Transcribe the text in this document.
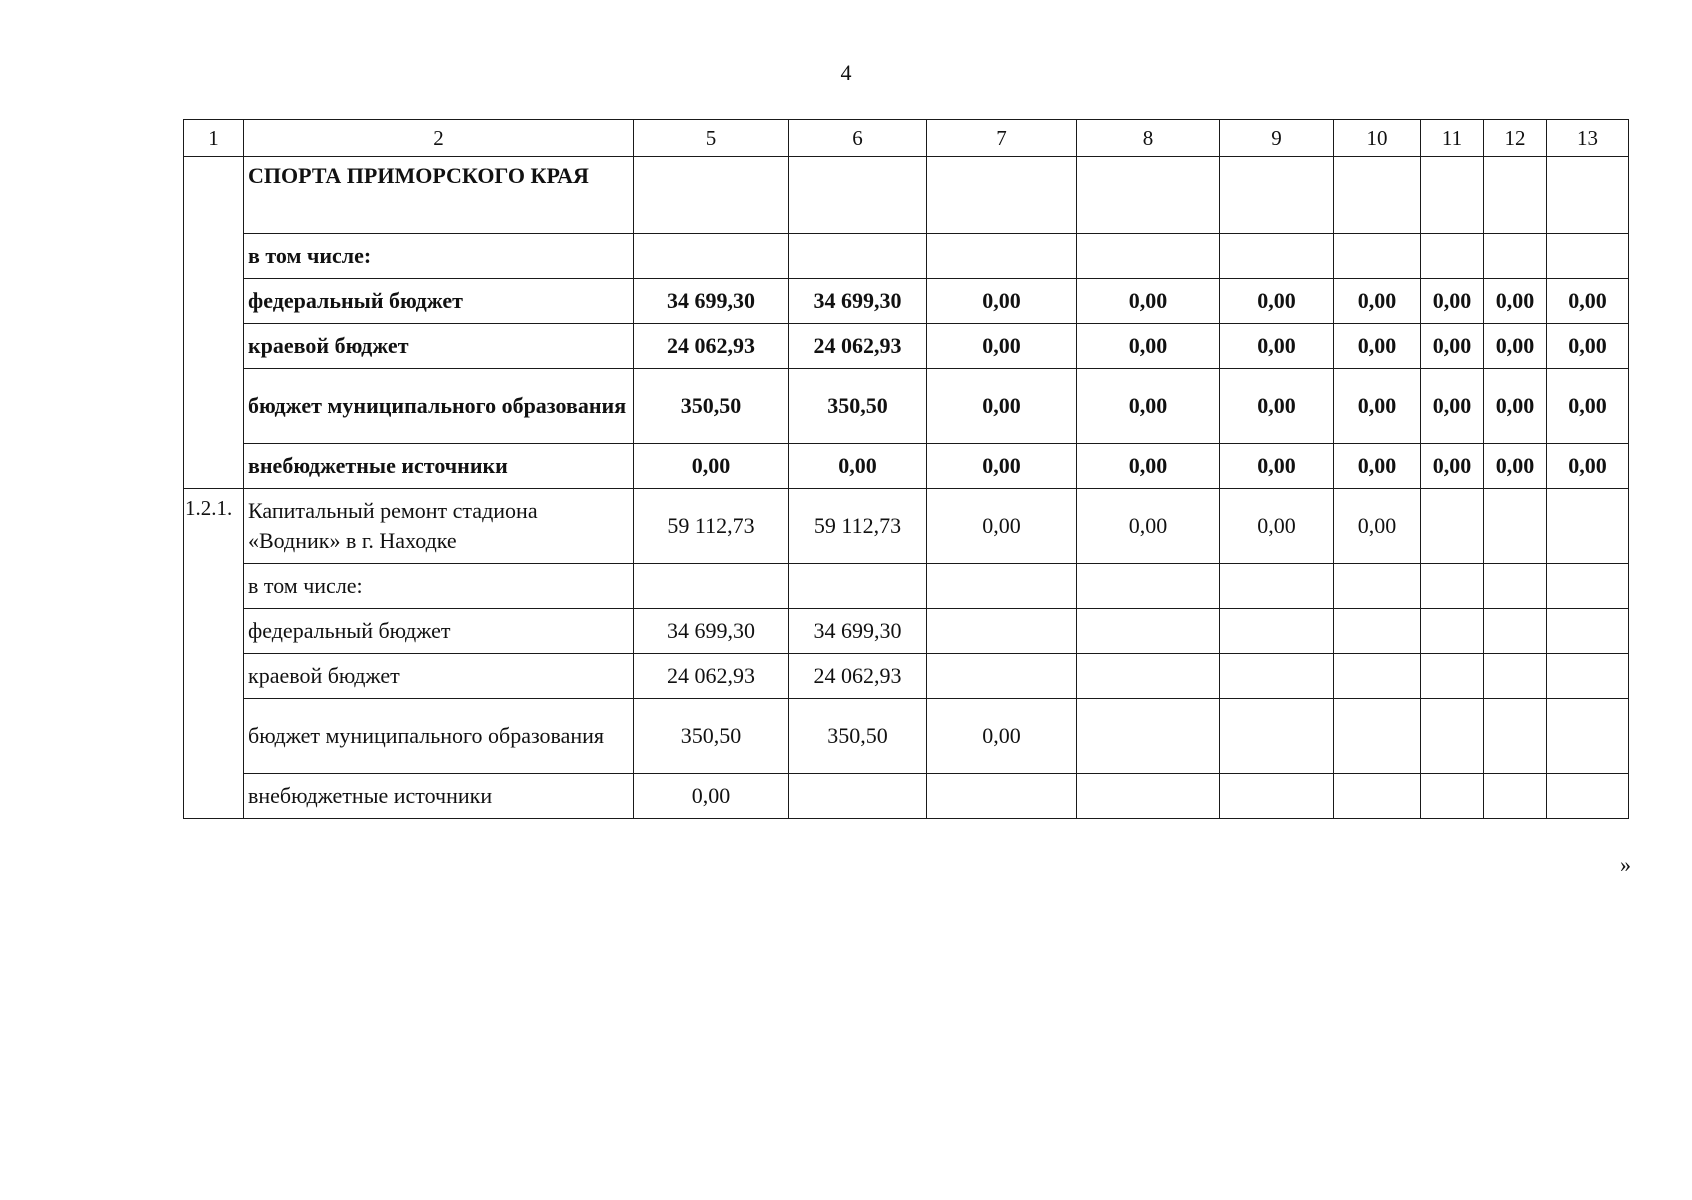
4
1	2	5	6	7	8	9	10	11	12	13
	СПОРТА ПРИМОРСКОГО КРАЯ									
	в том числе:									
	федеральный бюджет	34 699,30	34 699,30	0,00	0,00	0,00	0,00	0,00	0,00	0,00
	краевой бюджет	24 062,93	24 062,93	0,00	0,00	0,00	0,00	0,00	0,00	0,00
	бюджет муниципального образования	350,50	350,50	0,00	0,00	0,00	0,00	0,00	0,00	0,00
	внебюджетные источники	0,00	0,00	0,00	0,00	0,00	0,00	0,00	0,00	0,00
1.2.1.	Капитальный ремонт стадиона «Водник» в г. Находке	59 112,73	59 112,73	0,00	0,00	0,00	0,00			
	в том числе:									
	федеральный бюджет	34 699,30	34 699,30							
	краевой бюджет	24 062,93	24 062,93							
	бюджет муниципального образования	350,50	350,50	0,00						
	внебюджетные источники	0,00								
»
